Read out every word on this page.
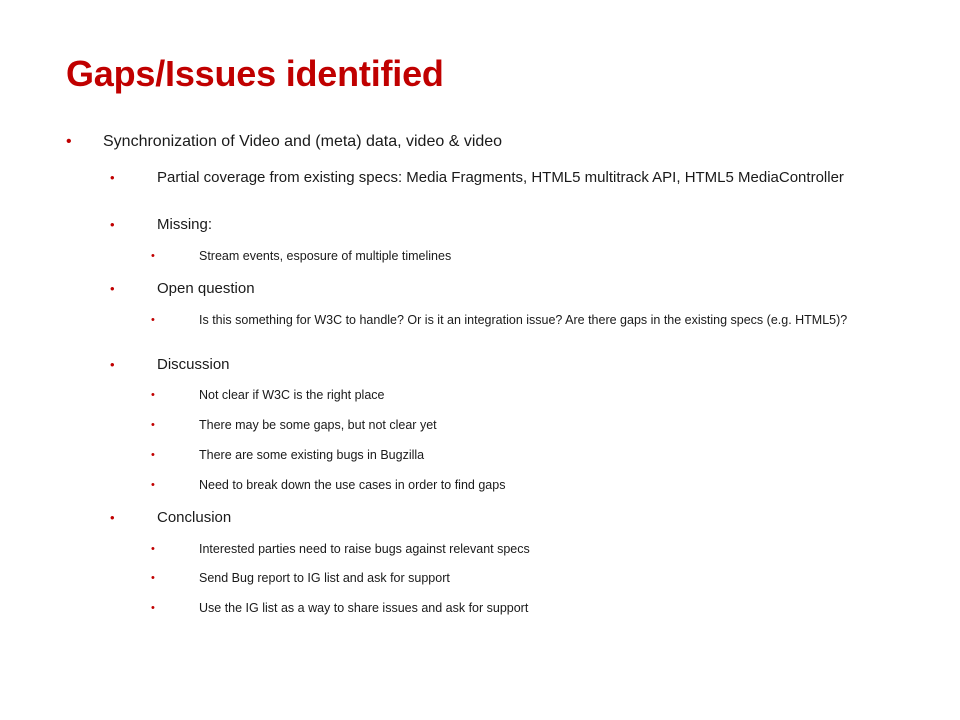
Gaps/Issues identified
• Synchronization of Video and (meta) data, video & video

•	Partial coverage from existing specs: Media Fragments, HTML5 multitrack API, HTML5 MediaController

•	Missing:

•	Stream events, esposure of multiple timelines

•	Open question

•	Is this something for W3C to handle? Or is it an integration issue? Are there gaps in the existing specs (e.g. HTML5)?

•	Discussion

•	Not clear if W3C is the right place

•	There may be some gaps, but not clear yet

•	There are some existing bugs in Bugzilla

•	Need to break down the use cases in order to find gaps

•	Conclusion

•	Interested parties need to raise bugs against relevant specs

•	Send Bug report to IG list and ask for support

•	Use the IG list as a way to share issues and ask for support
